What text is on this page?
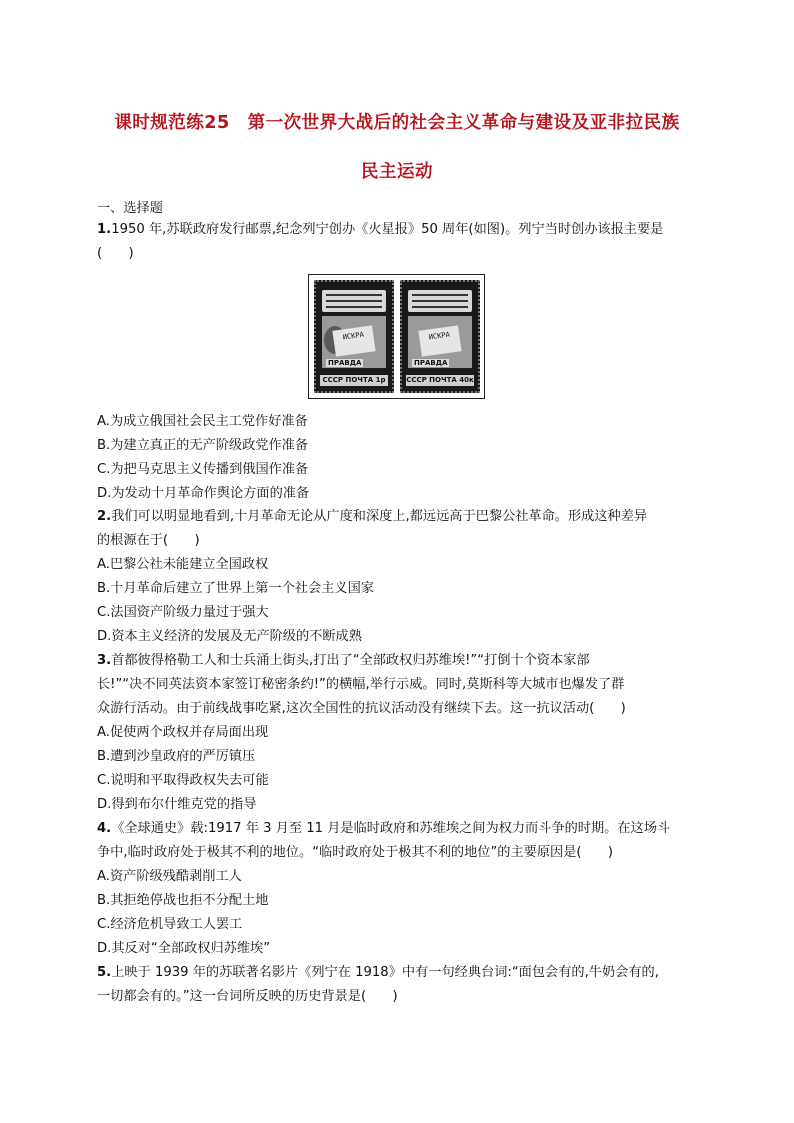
课时规范练25　第一次世界大战后的社会主义革命与建设及亚非拉民族
民主运动
一、选择题
1.1950 年,苏联政府发行邮票,纪念列宁创办《火星报》50 周年(如图)。列宁当时创办该报主要是
(　　)
ИСКРА
ПРАВДА
СССР ПОЧТА 1р
ИСКРА
ПРАВДА
СССР ПОЧТА 40к
A.为成立俄国社会民主工党作好准备
B.为建立真正的无产阶级政党作准备
C.为把马克思主义传播到俄国作准备
D.为发动十月革命作舆论方面的准备
2.我们可以明显地看到,十月革命无论从广度和深度上,都远远高于巴黎公社革命。形成这种差异
的根源在于(　　)
A.巴黎公社未能建立全国政权
B.十月革命后建立了世界上第一个社会主义国家
C.法国资产阶级力量过于强大
D.资本主义经济的发展及无产阶级的不断成熟
3.首都彼得格勒工人和士兵涌上街头,打出了“全部政权归苏维埃!”“打倒十个资本家部
长!”“决不同英法资本家签订秘密条约!”的横幅,举行示威。同时,莫斯科等大城市也爆发了群
众游行活动。由于前线战事吃紧,这次全国性的抗议活动没有继续下去。这一抗议活动(　　)
A.促使两个政权并存局面出现
B.遭到沙皇政府的严厉镇压
C.说明和平取得政权失去可能
D.得到布尔什维克党的指导
4.《全球通史》载:1917 年 3 月至 11 月是临时政府和苏维埃之间为权力而斗争的时期。在这场斗
争中,临时政府处于极其不利的地位。“临时政府处于极其不利的地位”的主要原因是(　　)
A.资产阶级残酷剥削工人
B.其拒绝停战也拒不分配土地
C.经济危机导致工人罢工
D.其反对“全部政权归苏维埃”
5.上映于 1939 年的苏联著名影片《列宁在 1918》中有一句经典台词:“面包会有的,牛奶会有的,
一切都会有的。”这一台词所反映的历史背景是(　　)
